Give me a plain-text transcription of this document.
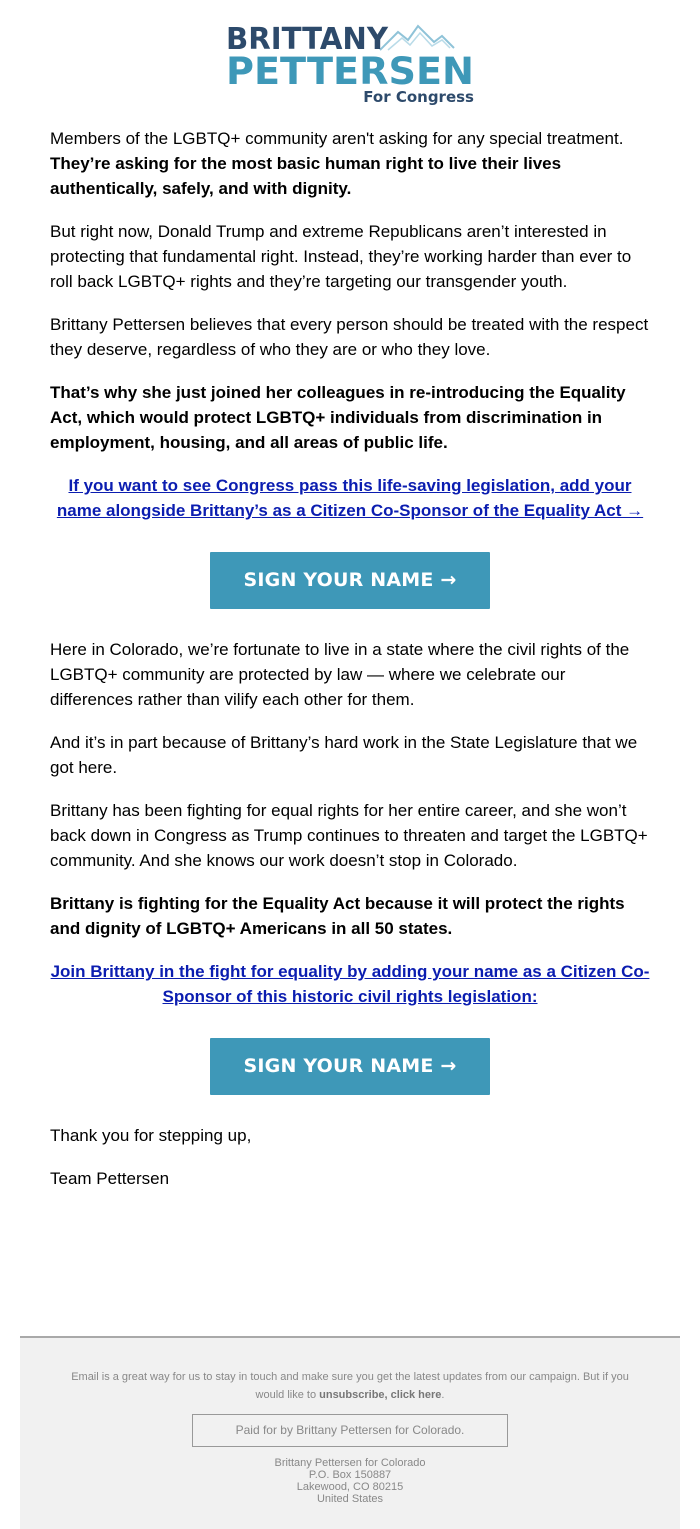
BRITTANY
PETTERSEN
For Congress

Members of the LGBTQ+ community aren't asking for any special treatment. They’re asking for the most basic human right to live their lives authentically, safely, and with dignity.

But right now, Donald Trump and extreme Republicans aren’t interested in protecting that fundamental right. Instead, they’re working harder than ever to roll back LGBTQ+ rights and they’re targeting our transgender youth.

Brittany Pettersen believes that every person should be treated with the respect they deserve, regardless of who they are or who they love.

That’s why she just joined her colleagues in re-introducing the Equality Act, which would protect LGBTQ+ individuals from discrimination in employment, housing, and all areas of public life.

If you want to see Congress pass this life-saving legislation, add your name alongside Brittany’s as a Citizen Co-Sponsor of the Equality Act →

SIGN YOUR NAME →

Here in Colorado, we’re fortunate to live in a state where the civil rights of the LGBTQ+ community are protected by law — where we celebrate our differences rather than vilify each other for them.

And it’s in part because of Brittany’s hard work in the State Legislature that we got here.

Brittany has been fighting for equal rights for her entire career, and she won’t back down in Congress as Trump continues to threaten and target the LGBTQ+ community. And she knows our work doesn’t stop in Colorado.

Brittany is fighting for the Equality Act because it will protect the rights and dignity of LGBTQ+ Americans in all 50 states.

Join Brittany in the fight for equality by adding your name as a Citizen Co-Sponsor of this historic civil rights legislation:

SIGN YOUR NAME →

Thank you for stepping up,

Team Pettersen

Email is a great way for us to stay in touch and make sure you get the latest updates from our campaign. But if you would like to unsubscribe, click here.
Paid for by Brittany Pettersen for Colorado.
Brittany Pettersen for Colorado
P.O. Box 150887
Lakewood, CO 80215
United States
